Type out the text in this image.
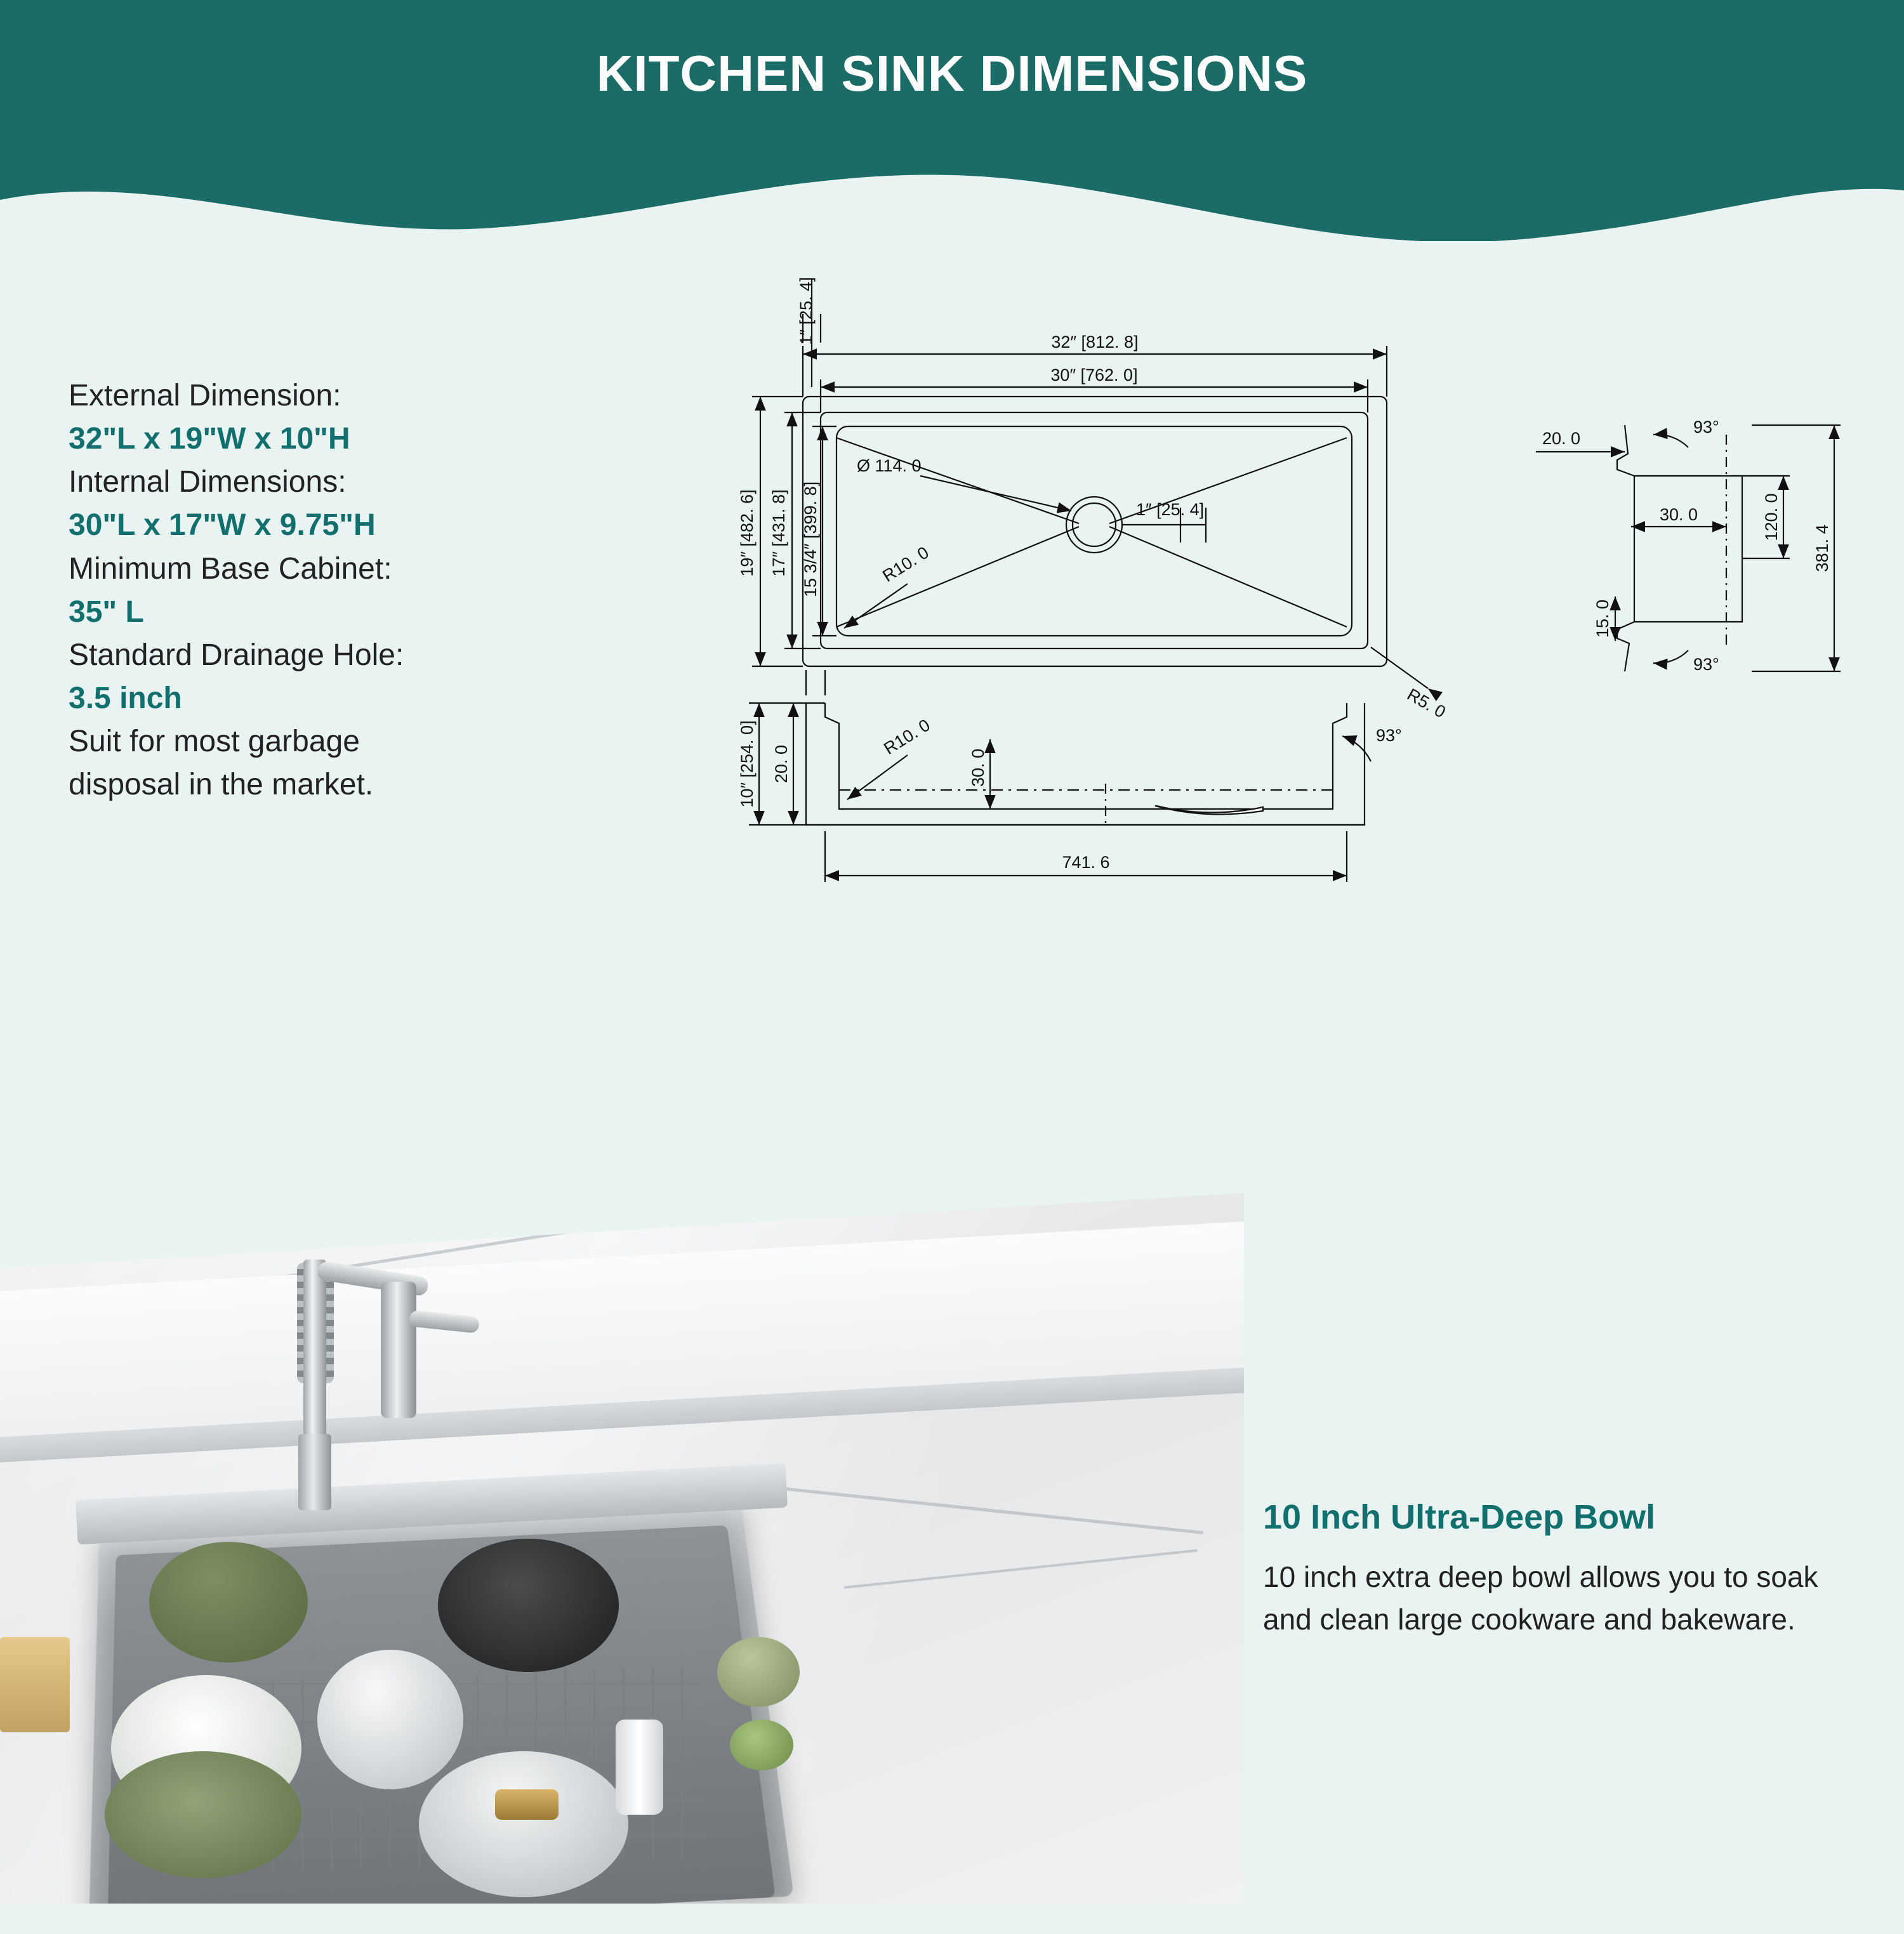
KITCHEN SINK DIMENSIONS
External Dimension:
32"L x 19"W x 10"H
Internal Dimensions:
30"L x 17"W x 9.75"H
Minimum Base Cabinet:
35" L
Standard Drainage Hole:
3.5 inch
Suit for most garbage
disposal in the market.
32″ [812. 8]
30″ [762. 0]
1″ [25. 4]
19″ [482. 6] 17″ [431. 8] 15 3/4″ [399. 8]
Ø 114. 0
1″ [25. 4]
R10. 0
R5. 0
93°
93°
20. 0
120. 0
381. 4
30. 0
15. 0
10″ [254. 0] 20. 0
R10. 0
30. 0
93°
741. 6
10 Inch Ultra-Deep Bowl
10 inch extra deep bowl allows you to soak and clean large cookware and bakeware.
